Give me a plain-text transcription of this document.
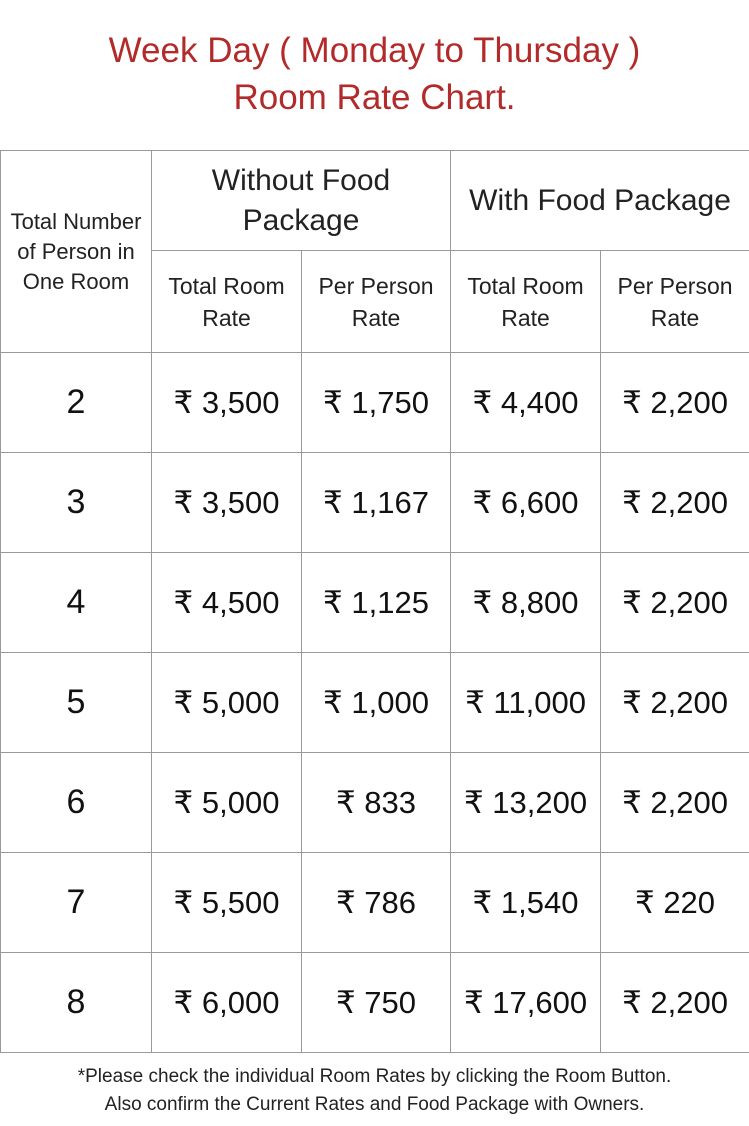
Week Day ( Monday to Thursday )
Room Rate Chart.
Total Number of Person in One Room	Without Food Package		With Food Package	
	Total Room Rate	Per Person Rate	Total Room Rate	Per Person Rate
2	₹ 3,500	₹ 1,750	₹ 4,400	₹ 2,200
3	₹ 3,500	₹ 1,167	₹ 6,600	₹ 2,200
4	₹ 4,500	₹ 1,125	₹ 8,800	₹ 2,200
5	₹ 5,000	₹ 1,000	₹ 11,000	₹ 2,200
6	₹ 5,000	₹ 833	₹ 13,200	₹ 2,200
7	₹ 5,500	₹ 786	₹ 1,540	₹ 220
8	₹ 6,000	₹ 750	₹ 17,600	₹ 2,200
*Please check the individual Room Rates by clicking the Room Button.
Also confirm the Current Rates and Food Package with Owners.
